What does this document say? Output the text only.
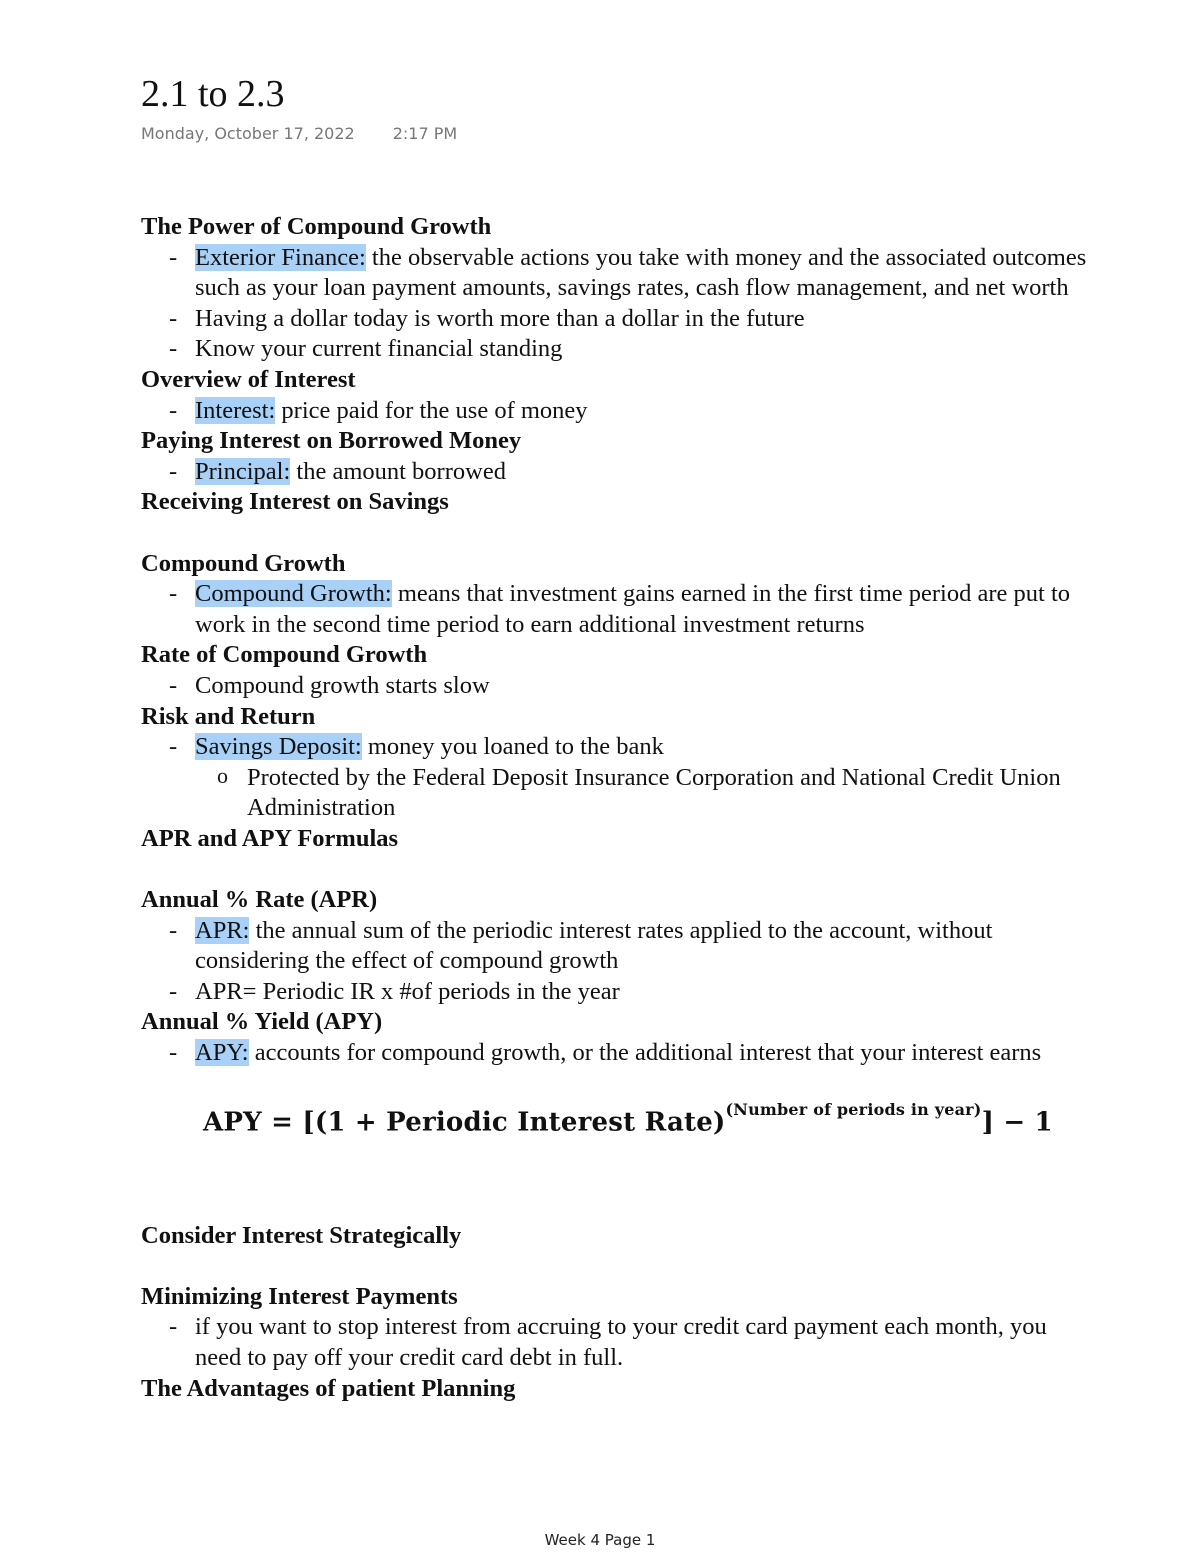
2.1 to 2.3
Monday, October 17, 2022 2:17 PM

The Power of Compound Growth

- Exterior Finance: the observable actions you take with money and the associated outcomes such as your loan payment amounts, savings rates, cash flow management, and net worth
- Having a dollar today is worth more than a dollar in the future
- Know your current financial standing

Overview of Interest

- Interest: price paid for the use of money

Paying Interest on Borrowed Money

- Principal: the amount borrowed

Receiving Interest on Savings

Compound Growth

- Compound Growth: means that investment gains earned in the first time period are put to work in the second time period to earn additional investment returns

Rate of Compound Growth

- Compound growth starts slow

Risk and Return

- Savings Deposit: money you loaned to the bank
o Protected by the Federal Deposit Insurance Corporation and National Credit Union Administration

APR and APY Formulas

Annual % Rate (APR)

- APR: the annual sum of the periodic interest rates applied to the account, without considering the effect of compound growth
- APR= Periodic IR x #of periods in the year

Annual % Yield (APY)

- APY: accounts for compound growth, or the additional interest that your interest earns
APY = [(1 + Periodic Interest Rate)$^{(Number of periods in year)}$] − 1

Consider Interest Strategically

Minimizing Interest Payments

- if you want to stop interest from accruing to your credit card payment each month, you need to pay off your credit card debt in full.

The Advantages of patient Planning

Week 4 Page 1
